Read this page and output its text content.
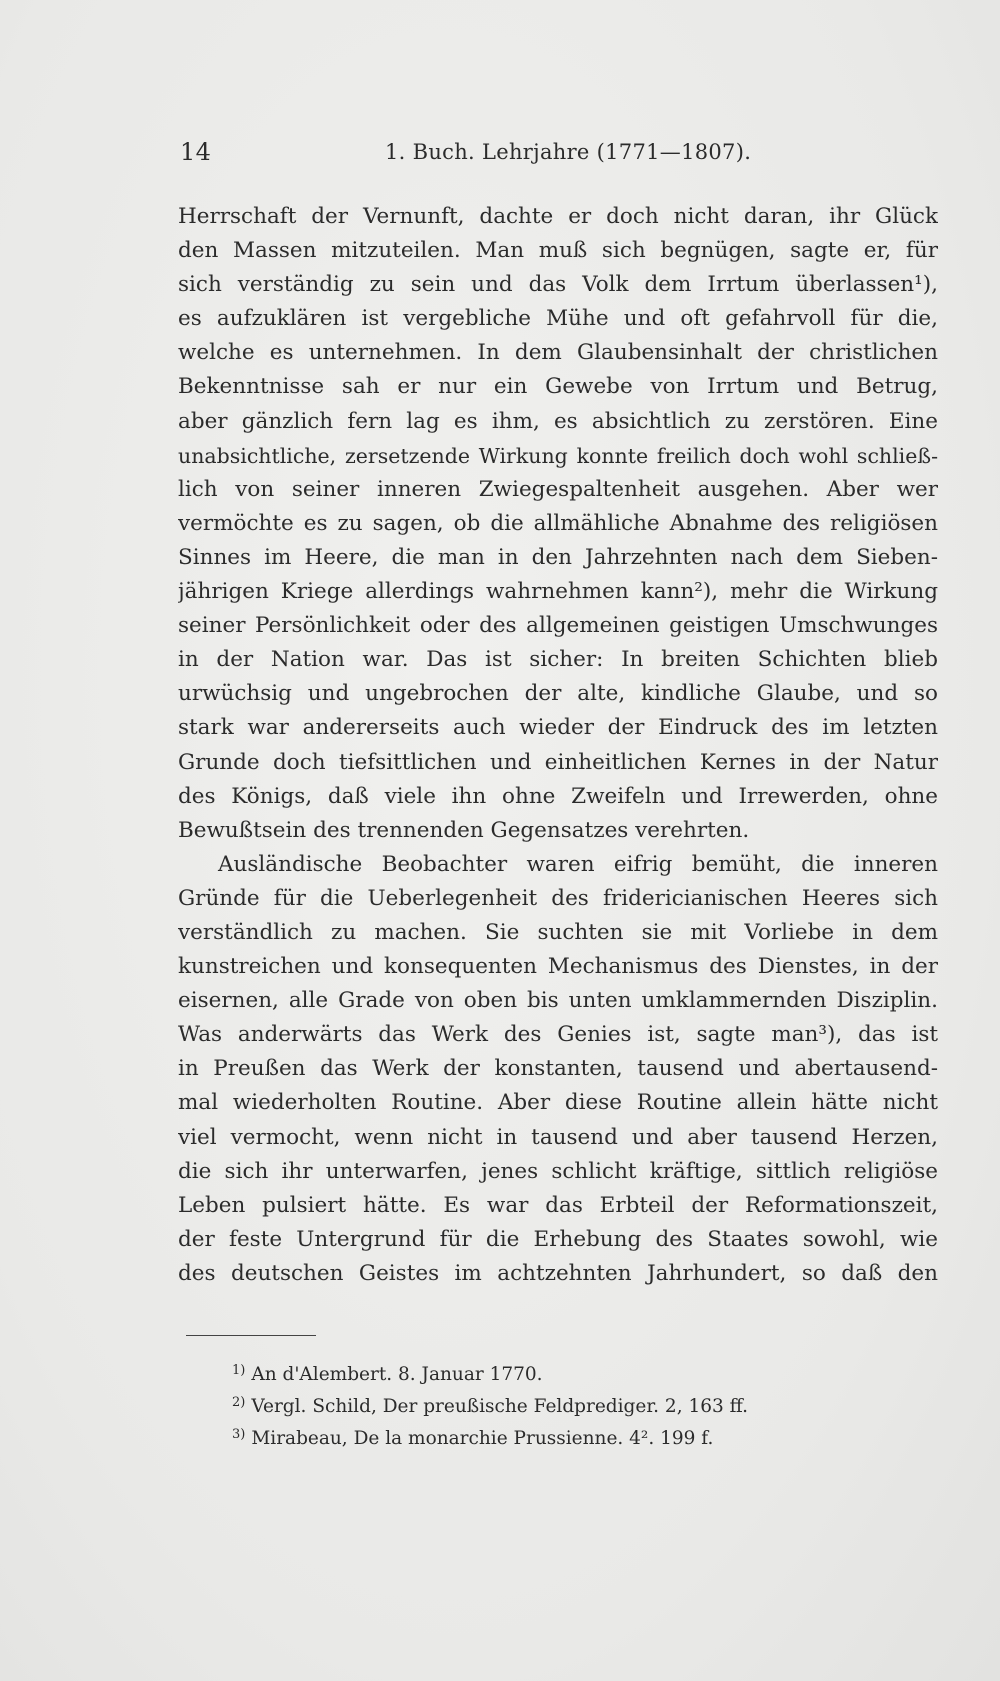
14	1. Buch. Lehrjahre (1771—1807).
Herrschaft der Vernunft, dachte er doch nicht daran, ihr Glück
den Massen mitzuteilen. Man muß sich begnügen, sagte er, für
sich verständig zu sein und das Volk dem Irrtum überlassen¹),
es aufzuklären ist vergebliche Mühe und oft gefahrvoll für die,
welche es unternehmen. In dem Glaubensinhalt der christlichen
Bekenntnisse sah er nur ein Gewebe von Irrtum und Betrug,
aber gänzlich fern lag es ihm, es absichtlich zu zerstören. Eine
unabsichtliche, zersetzende Wirkung konnte freilich doch wohl schließ-
lich von seiner inneren Zwiegespaltenheit ausgehen. Aber wer
vermöchte es zu sagen, ob die allmähliche Abnahme des religiösen
Sinnes im Heere, die man in den Jahrzehnten nach dem Sieben-
jährigen Kriege allerdings wahrnehmen kann²), mehr die Wirkung
seiner Persönlichkeit oder des allgemeinen geistigen Umschwunges
in der Nation war. Das ist sicher: In breiten Schichten blieb
urwüchsig und ungebrochen der alte, kindliche Glaube, und so
stark war andererseits auch wieder der Eindruck des im letzten
Grunde doch tiefsittlichen und einheitlichen Kernes in der Natur
des Königs, daß viele ihn ohne Zweifeln und Irrewerden, ohne
Bewußtsein des trennenden Gegensatzes verehrten.
Ausländische Beobachter waren eifrig bemüht, die inneren
Gründe für die Ueberlegenheit des fridericianischen Heeres sich
verständlich zu machen. Sie suchten sie mit Vorliebe in dem
kunstreichen und konsequenten Mechanismus des Dienstes, in der
eisernen, alle Grade von oben bis unten umklammernden Disziplin.
Was anderwärts das Werk des Genies ist, sagte man³), das ist
in Preußen das Werk der konstanten, tausend und abertausend-
mal wiederholten Routine. Aber diese Routine allein hätte nicht
viel vermocht, wenn nicht in tausend und aber tausend Herzen,
die sich ihr unterwarfen, jenes schlicht kräftige, sittlich religiöse
Leben pulsiert hätte. Es war das Erbteil der Reformationszeit,
der feste Untergrund für die Erhebung des Staates sowohl, wie
des deutschen Geistes im achtzehnten Jahrhundert, so daß den
$^{1)}$ An d'Alembert. 8. Januar 1770.
$^{2)}$ Vergl. Schild, Der preußische Feldprediger. 2, 163 ff.
$^{3)}$ Mirabeau, De la monarchie Prussienne. 4². 199 f.
